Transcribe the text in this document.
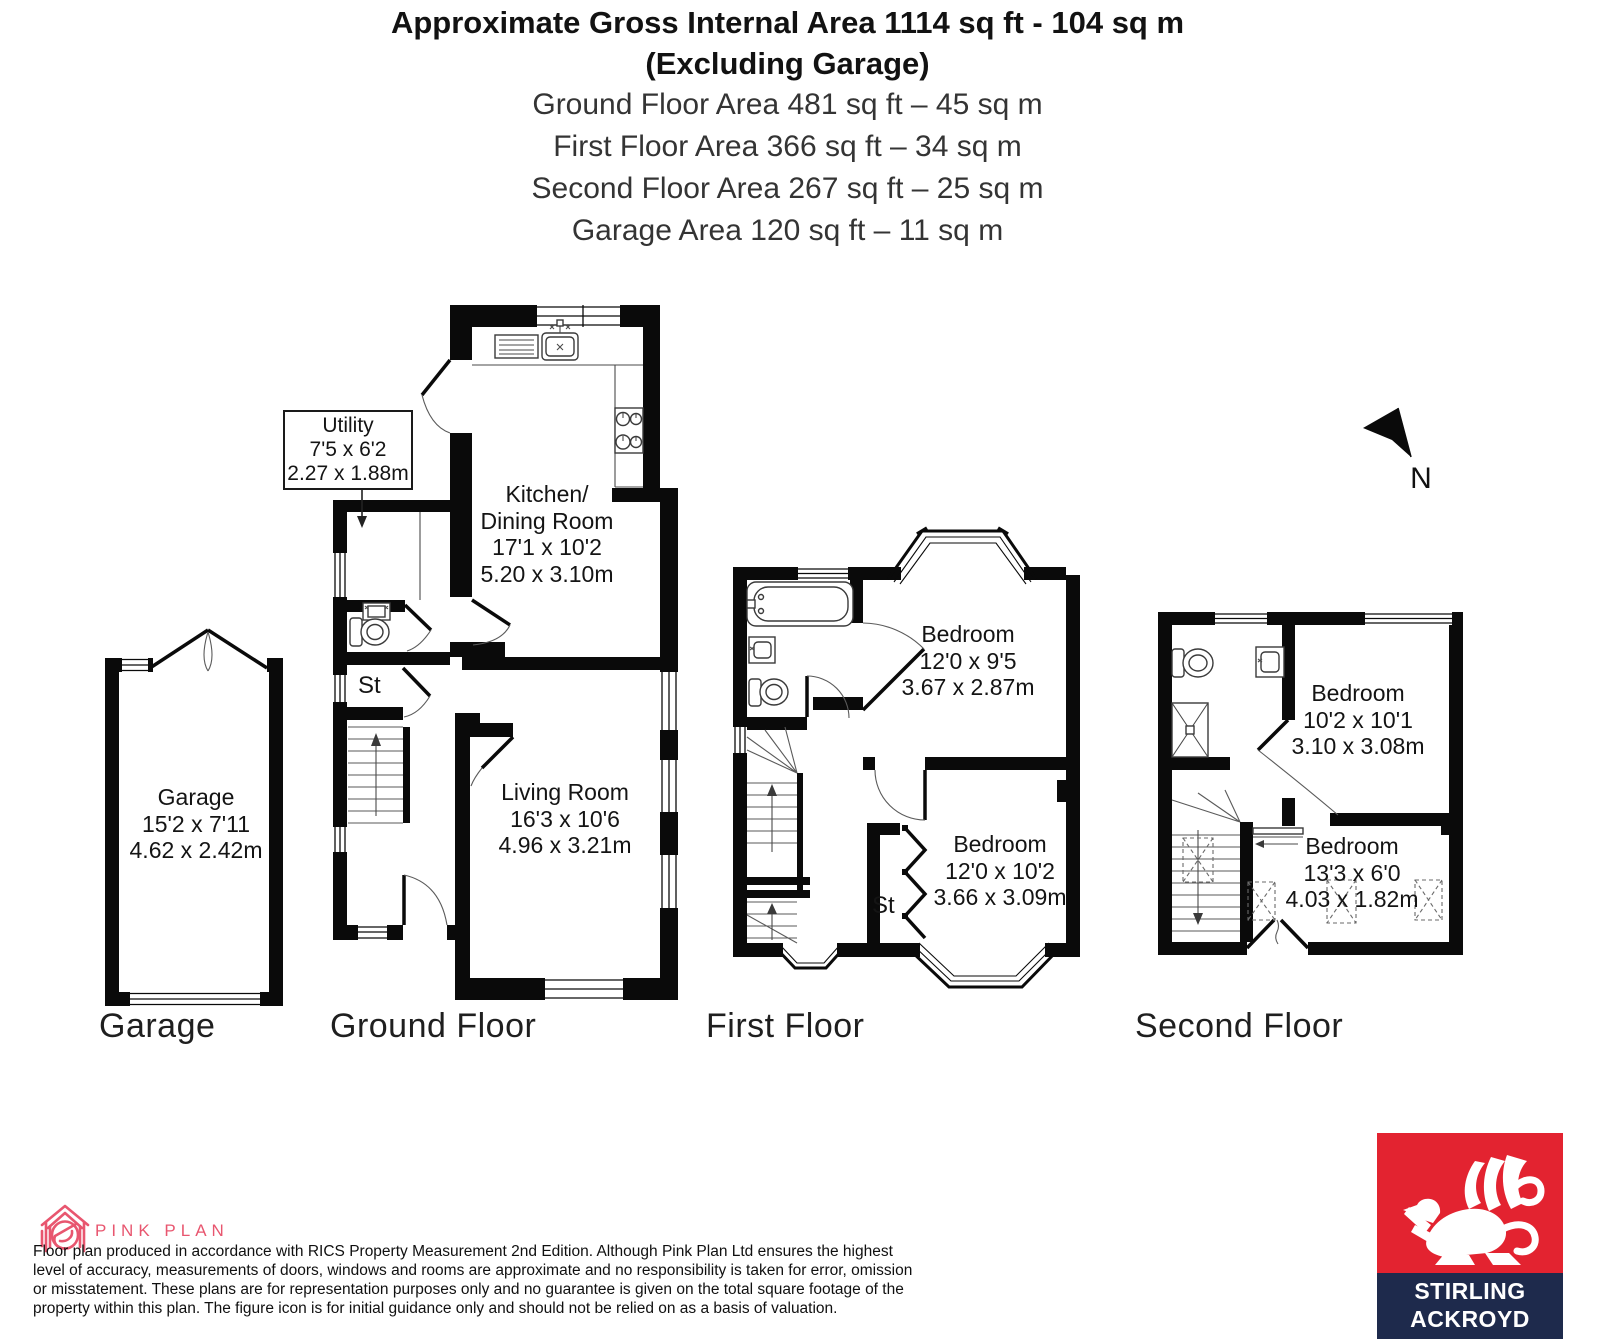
Approximate Gross Internal Area 1114 sq ft - 104 sq m
(Excluding Garage)
Ground Floor Area 481 sq ft – 45 sq m
First Floor Area 366 sq ft – 34 sq m
Second Floor Area 267 sq ft – 25 sq m
Garage Area 120 sq ft – 11 sq m
N
Garage
15'2 x 7'11
4.62 x 2.42m
Utility
7'5 x 6'2
2.27 x 1.88m
Kitchen/
Dining Room
17'1 x 10'2
5.20 x 3.10m
Living Room
16'3 x 10'6
4.96 x 3.21m
St
Bedroom
12'0 x 9'5
3.67 x 2.87m
Bedroom
12'0 x 10'2
3.66 x 3.09m
St
Bedroom
10'2 x 10'1
3.10 x 3.08m
Bedroom
13'3 x 6'0
4.03 x 1.82m
Garage	Ground Floor	First Floor	Second Floor
PINK PLAN
Floor plan produced in accordance with RICS Property Measurement 2nd Edition. Although Pink Plan Ltd ensures the highest
level of accuracy, measurements of doors, windows and rooms are approximate and no responsibility is taken for error, omission
or misstatement. These plans are for representation purposes only and no guarantee is given on the total square footage of the
property within this plan. The figure icon is for initial guidance only and should not be relied on as a basis of valuation.
STIRLING
ACKROYD
